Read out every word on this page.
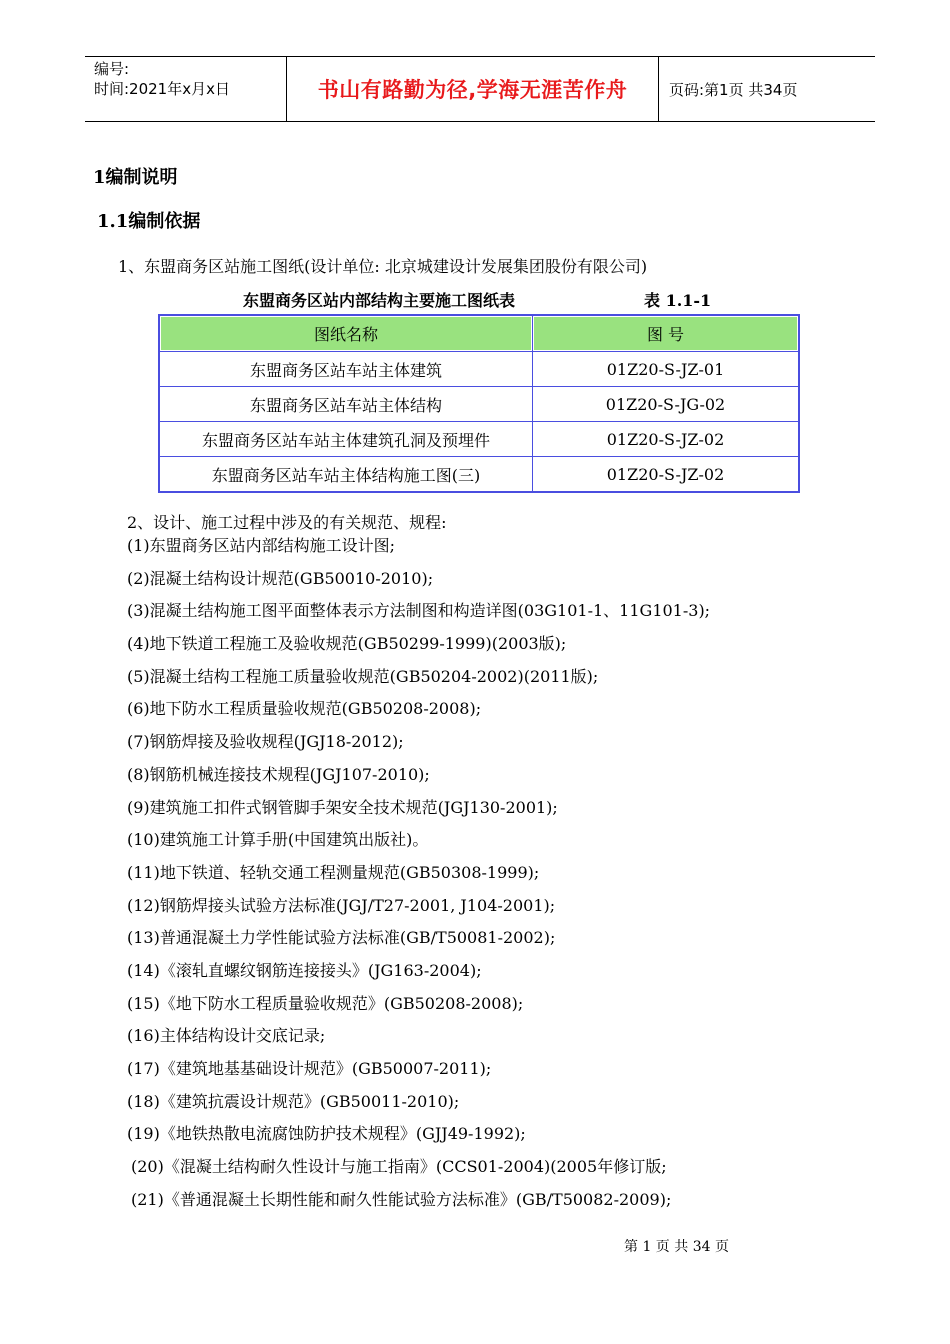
编号:
时间:2021年x月x日	书山有路勤为径,学海无涯苦作舟	页码:第1页 共34页
1编制说明
1.1编制依据
1、东盟商务区站施工图纸(设计单位: 北京城建设计发展集团股份有限公司)
东盟商务区站内部结构主要施工图纸表	表 1.1-1
图纸名称	图 号
东盟商务区站车站主体建筑	01Z20-S-JZ-01
东盟商务区站车站主体结构	01Z20-S-JG-02
东盟商务区站车站主体建筑孔洞及预埋件	01Z20-S-JZ-02
东盟商务区站车站主体结构施工图(三)	01Z20-S-JZ-02
2、设计、施工过程中涉及的有关规范、规程:
(1)东盟商务区站内部结构施工设计图;
(2)混凝土结构设计规范(GB50010-2010);
(3)混凝土结构施工图平面整体表示方法制图和构造详图(03G101-1、11G101-3);
(4)地下铁道工程施工及验收规范(GB50299-1999)(2003版);
(5)混凝土结构工程施工质量验收规范(GB50204-2002)(2011版);
(6)地下防水工程质量验收规范(GB50208-2008);
(7)钢筋焊接及验收规程(JGJ18-2012);
(8)钢筋机械连接技术规程(JGJ107-2010);
(9)建筑施工扣件式钢管脚手架安全技术规范(JGJ130-2001);
(10)建筑施工计算手册(中国建筑出版社)。
(11)地下铁道、轻轨交通工程测量规范(GB50308-1999);
(12)钢筋焊接头试验方法标准(JGJ/T27-2001, J104-2001);
(13)普通混凝土力学性能试验方法标准(GB/T50081-2002);
(14)《滚轧直螺纹钢筋连接接头》(JG163-2004);
(15)《地下防水工程质量验收规范》(GB50208-2008);
(16)主体结构设计交底记录;
(17)《建筑地基基础设计规范》(GB50007-2011);
(18)《建筑抗震设计规范》(GB50011-2010);
(19)《地铁热散电流腐蚀防护技术规程》(GJJ49-1992);
(20)《混凝土结构耐久性设计与施工指南》(CCS01-2004)(2005年修订版;
(21)《普通混凝土长期性能和耐久性能试验方法标准》(GB/T50082-2009);
第 1 页 共 34 页
